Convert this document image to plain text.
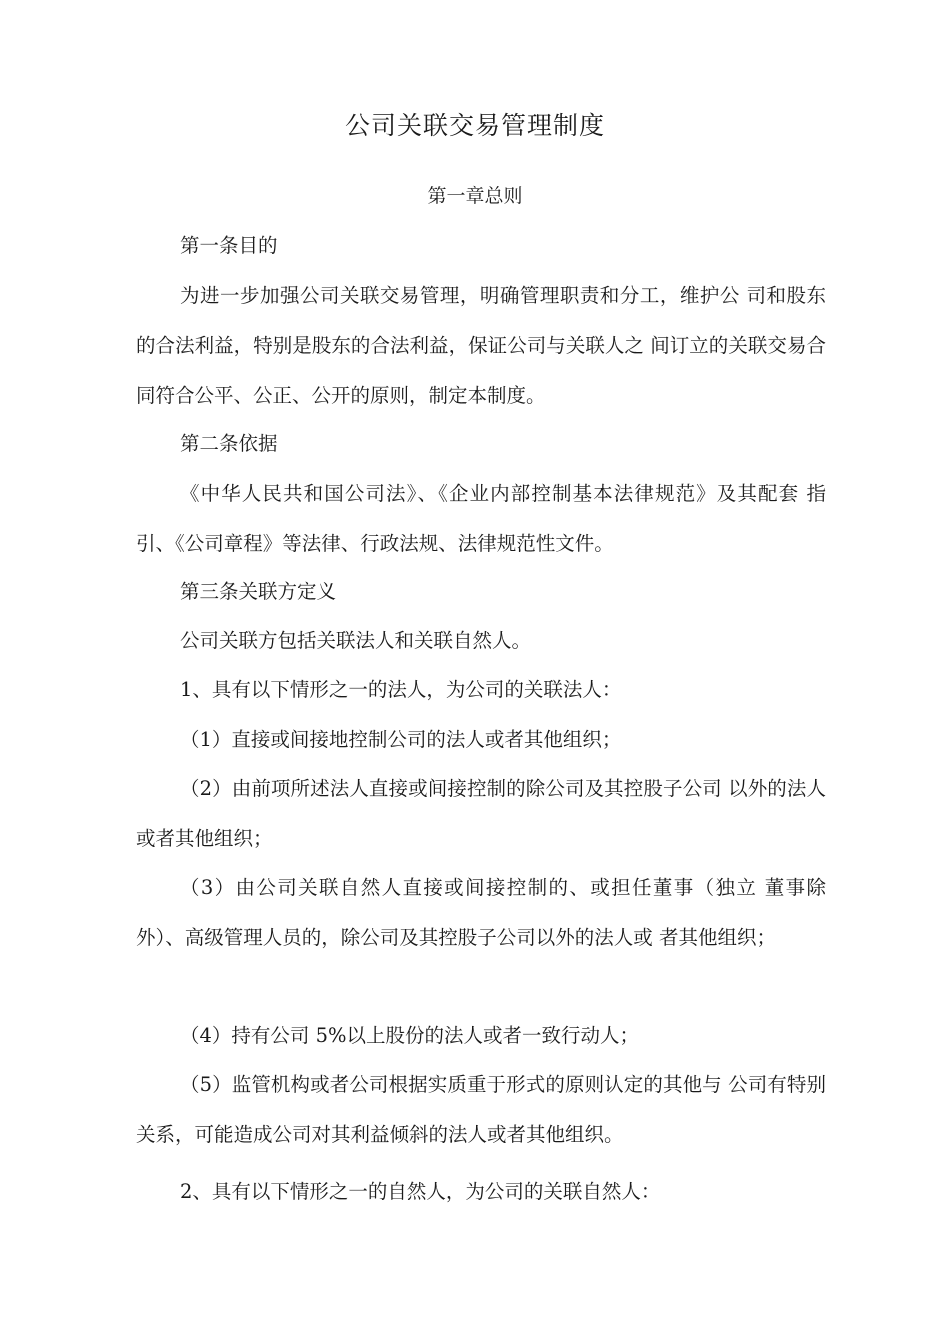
公司关联交易管理制度
第一章总则

第一条目的

为进一步加强公司关联交易管理，明确管理职责和分工，维护公 司和股东的合法利益，特别是股东的合法利益，保证公司与关联人之 间订立的关联交易合同符合公平、公正、公开的原则，制定本制度。

第二条依据

《中华人民共和国公司法》、《企业内部控制基本法律规范》及其配套 指引、《公司章程》等法律、行政法规、法律规范性文件。

第三条关联方定义

公司关联方包括关联法人和关联自然人。

1、具有以下情形之一的法人，为公司的关联法人：

（1）直接或间接地控制公司的法人或者其他组织；

（2）由前项所述法人直接或间接控制的除公司及其控股子公司 以外的法人或者其他组织；

（3）由公司关联自然人直接或间接控制的、或担任董事（独立 董事除外）、高级管理人员的，除公司及其控股子公司以外的法人或 者其他组织；

（4）持有公司 5%以上股份的法人或者一致行动人；

（5）监管机构或者公司根据实质重于形式的原则认定的其他与 公司有特别关系，可能造成公司对其利益倾斜的法人或者其他组织。

2、具有以下情形之一的自然人，为公司的关联自然人：
